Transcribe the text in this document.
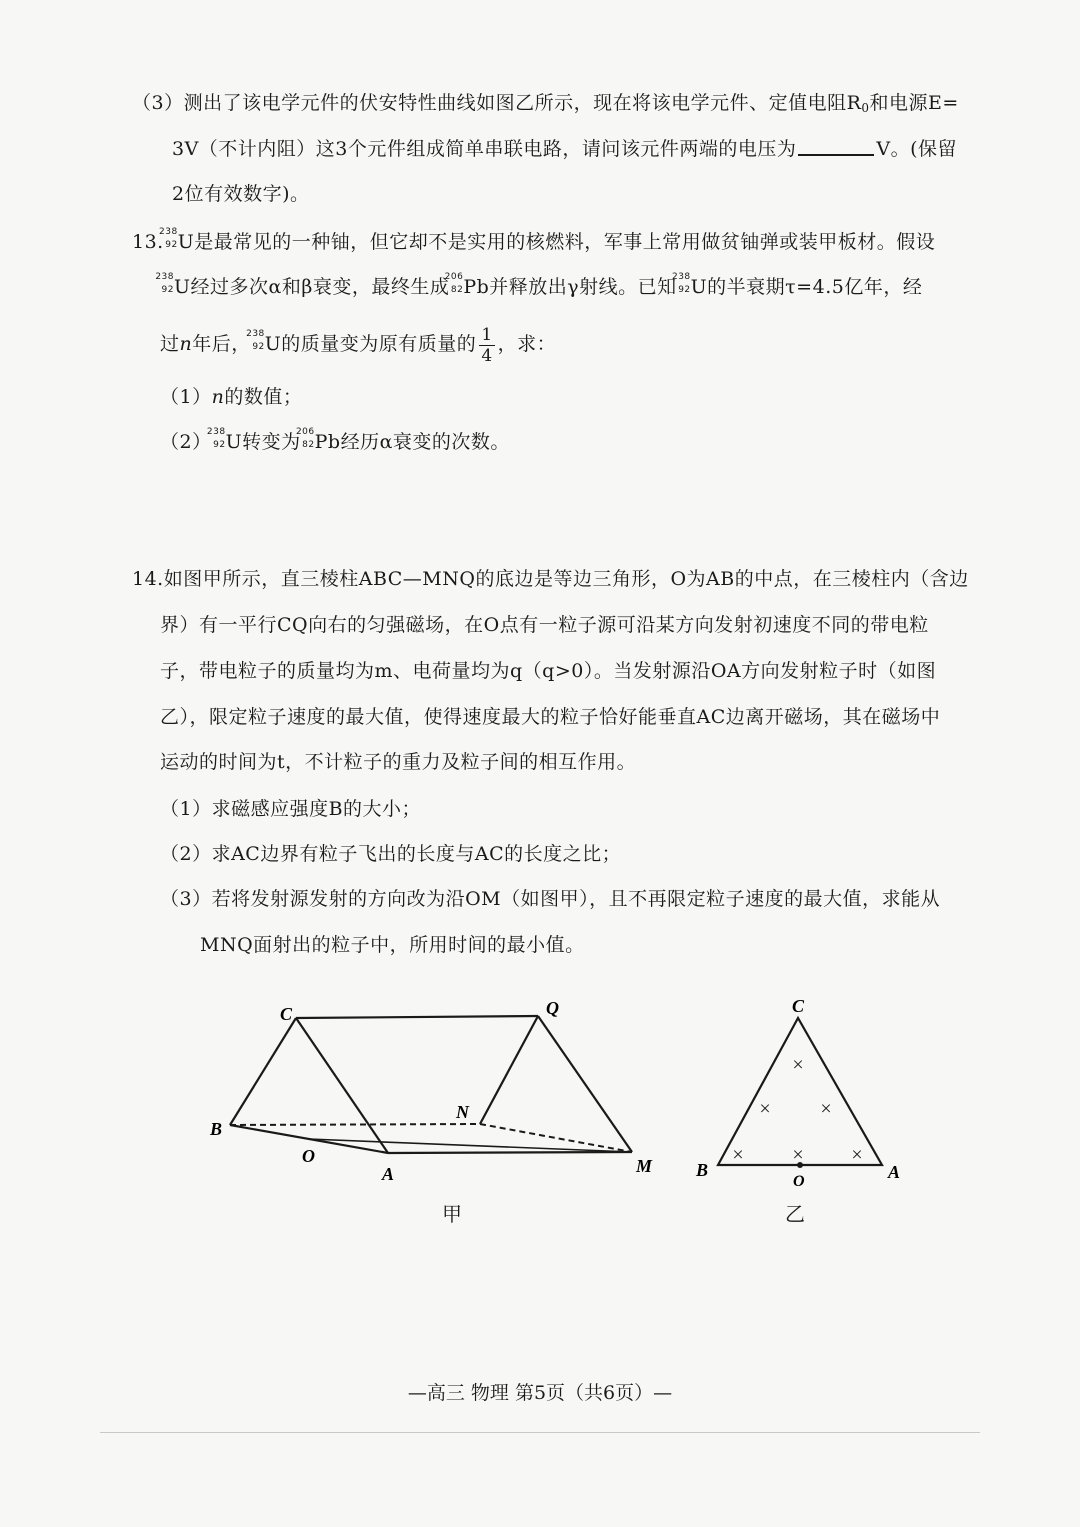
（3）测出了该电学元件的伏安特性曲线如图乙所示，现在将该电学元件、定值电阻$R_0$和电源E=
3V（不计内阻）这3个元件组成简单串联电路，请问该元件两端的电压为	V。(保留
2位有效数字)。
13.
238
92 U是最常见的一种铀，但它却不是实用的核燃料，军事上常用做贫铀弹或装甲板材。假设
238
92 U经过多次α和β衰变，最终生成
206
82 Pb并释放出γ射线。已知
238
92 U的半衰期τ=4.5亿年，经
过n年后，
238
92 U的质量变为原有质量的 $\frac{1}{4}$ ，求：
（1）n的数值；
（2）
238
92 U转变为
206
82 Pb经历α衰变的次数。
14.如图甲所示，直三棱柱ABC—MNQ的底边是等边三角形，O为AB的中点，在三棱柱内（含边
界）有一平行CQ向右的匀强磁场，在O点有一粒子源可沿某方向发射初速度不同的带电粒
子，带电粒子的质量均为m、电荷量均为q（q>0）。当发射源沿OA方向发射粒子时（如图
乙），限定粒子速度的最大值，使得速度最大的粒子恰好能垂直AC边离开磁场，其在磁场中
运动的时间为t，不计粒子的重力及粒子间的相互作用。
（1）求磁感应强度B的大小；
（2）求AC边界有粒子飞出的长度与AC的长度之比；
（3）若将发射源发射的方向改为沿OM（如图甲），且不再限定粒子速度的最大值，求能从
MNQ面射出的粒子中，所用时间的最小值。
C	Q
B
N
O
A	M
甲
×
× ×
× × ×
C
B
O	A
乙
—高三 物理 第5页（共6页）—
